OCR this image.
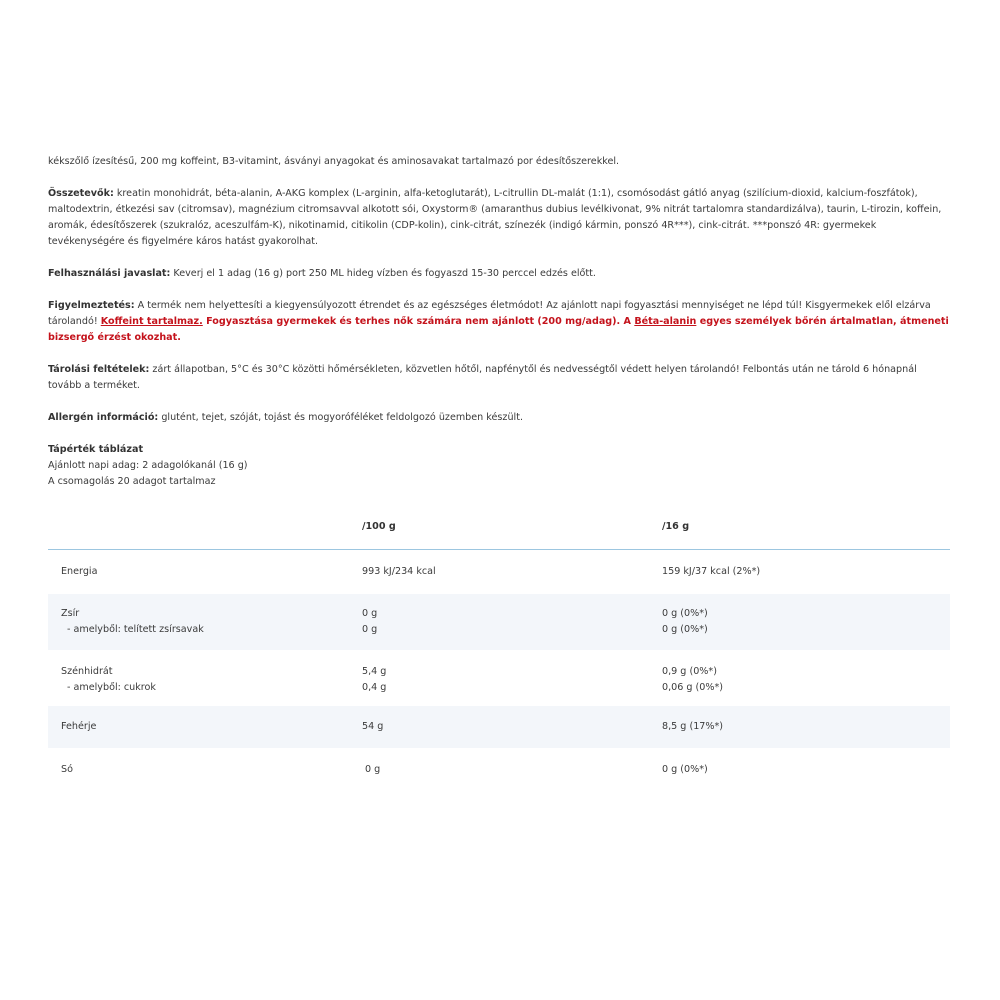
kékszőlő ízesítésű, 200 mg koffeint, B3-vitamint, ásványi anyagokat és aminosavakat tartalmazó por édesítőszerekkel.

Összetevők: kreatin monohidrát, béta-alanin, A-AKG komplex (L-arginin, alfa-ketoglutarát), L-citrullin DL-malát (1:1), csomósodást gátló anyag (szilícium-dioxid, kalcium-foszfátok), maltodextrin, étkezési sav (citromsav), magnézium citromsavval alkotott sói, Oxystorm® (amaranthus dubius levélkivonat, 9% nitrát tartalomra standardizálva), taurin, L-tirozin, koffein, aromák, édesítőszerek (szukralóz, aceszulfám-K), nikotinamid, citikolin (CDP-kolin), cink-citrát, színezék (indigó kármin, ponszó 4R***), cink-citrát. ***ponszó 4R: gyermekek tevékenységére és figyelmére káros hatást gyakorolhat.

Felhasználási javaslat: Keverj el 1 adag (16 g) port 250 ML hideg vízben és fogyaszd 15-30 perccel edzés előtt.

Figyelmeztetés: A termék nem helyettesíti a kiegyensúlyozott étrendet és az egészséges életmódot! Az ajánlott napi fogyasztási mennyiséget ne lépd túl! Kisgyermekek elől elzárva tárolandó! Koffeint tartalmaz. Fogyasztása gyermekek és terhes nők számára nem ajánlott (200 mg/adag). A Béta-alanin egyes személyek bőrén ártalmatlan, átmeneti bizsergő érzést okozhat.

Tárolási feltételek: zárt állapotban, 5°C és 30°C közötti hőmérsékleten, közvetlen hőtől, napfénytől és nedvességtől védett helyen tárolandó! Felbontás után ne tárold 6 hónapnál tovább a terméket.

Allergén információ: glutént, tejet, szóját, tojást és mogyoróféléket feldolgozó üzemben készült.

Tápérték táblázat

Ajánlott napi adag: 2 adagolókanál (16 g)

A csomagolás 20 adagot tartalmaz

/100 g	/16 g
Energia	993 kJ/234 kcal	159 kJ/37 kcal (2%*)
Zsír	0 g	0 g (0%*)
- amelyből: telített zsírsavak	0 g	0 g (0%*)
Szénhidrát	5,4 g	0,9 g (0%*)
- amelyből: cukrok	0,4 g	0,06 g (0%*)
Fehérje	54 g	8,5 g (17%*)
Só	0 g	0 g (0%*)
